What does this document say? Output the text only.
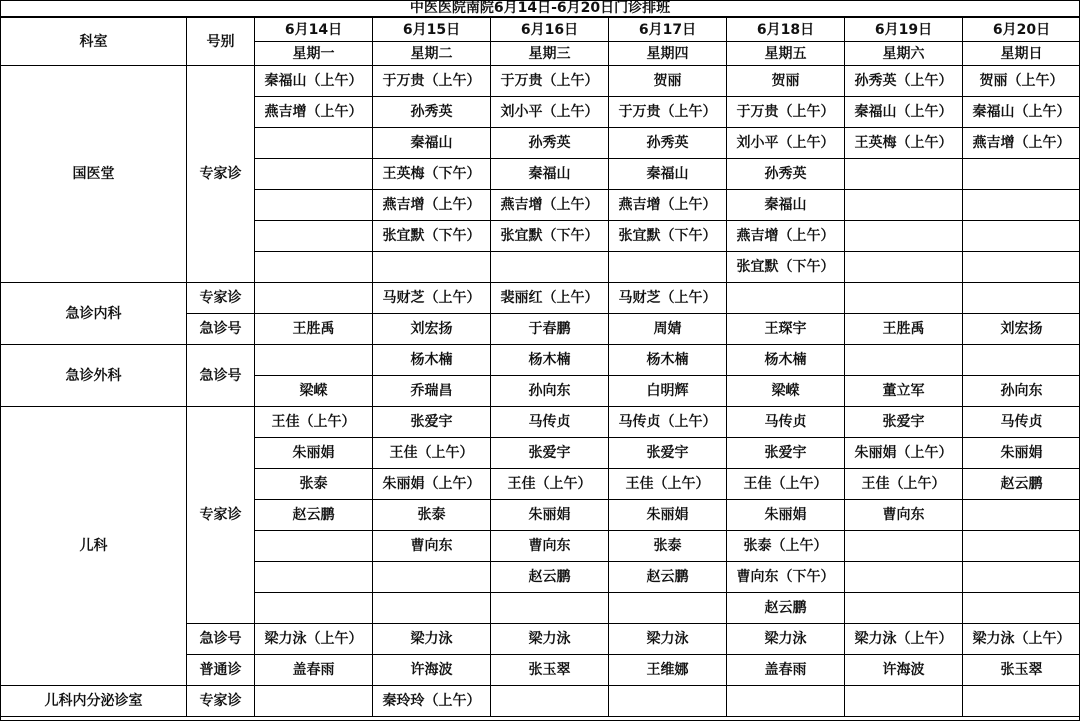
中医医院南院6月14日-6月20日门诊排班
科室	号别	6月14日	6月15日	6月16日	6月17日	6月18日	6月19日	6月20日
		星期一	星期二	星期三	星期四	星期五	星期六	星期日
国医堂	专家诊	秦福山（上午）	于万贵（上午）	于万贵（上午）	贺丽	贺丽	孙秀英（上午）	贺丽（上午）
		燕吉增（上午）	孙秀英	刘小平（上午）	于万贵（上午）	于万贵（上午）	秦福山（上午）	秦福山（上午）
			秦福山	孙秀英	孙秀英	刘小平（上午）	王英梅（上午）	燕吉增（上午）
			王英梅（下午）	秦福山	秦福山	孙秀英		
			燕吉增（上午）	燕吉增（上午）	燕吉增（上午）	秦福山		
			张宜默（下午）	张宜默（下午）	张宜默（下午）	燕吉增（上午）		
						张宜默（下午）		
急诊内科	专家诊		马财芝（上午）	裴丽红（上午）	马财芝（上午）			
	急诊号	王胜禹	刘宏扬	于春鹏	周婧	王琛宇	王胜禹	刘宏扬
急诊外科	急诊号		杨木楠	杨木楠	杨木楠	杨木楠		
		梁嵘	乔瑞昌	孙向东	白明辉	梁嵘	董立军	孙向东
儿科	专家诊	王佳（上午）	张爱宇	马传贞	马传贞（上午）	马传贞	张爱宇	马传贞
		朱丽娟	王佳（上午）	张爱宇	张爱宇	张爱宇	朱丽娟（上午）	朱丽娟
		张泰	朱丽娟（上午）	王佳（上午）	王佳（上午）	王佳（上午）	王佳（上午）	赵云鹏
		赵云鹏	张泰	朱丽娟	朱丽娟	朱丽娟	曹向东	
			曹向东	曹向东	张泰	张泰（上午）		
				赵云鹏	赵云鹏	曹向东（下午）		
						赵云鹏		
	急诊号	梁力泳（上午）	梁力泳	梁力泳	梁力泳	梁力泳	梁力泳（上午）	梁力泳（上午）
	普通诊	盖春雨	许海波	张玉翠	王维娜	盖春雨	许海波	张玉翠
儿科内分泌诊室	专家诊		秦玲玲（上午）					
